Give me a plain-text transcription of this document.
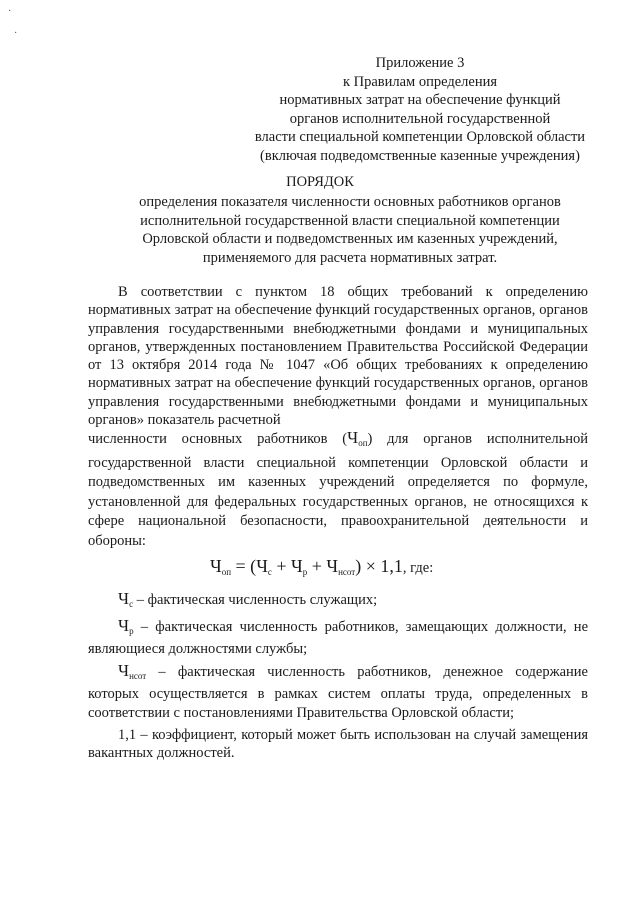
·
·
Приложение 3
к Правилам определения
нормативных затрат на обеспечение функций
органов исполнительной государственной
власти специальной компетенции Орловской области
(включая подведомственные казенные учреждения)
ПОРЯДОК
определения показателя численности основных работников органов
исполнительной государственной власти специальной компетенции
Орловской области и подведомственных им казенных учреждений,
применяемого для расчета нормативных затрат.

В соответствии с пунктом 18 общих требований к определению нормативных затрат на обеспечение функций государственных органов, органов управления государственными внебюджетными фондами и муниципальных органов, утвержденных постановлением Правительства Российской Федерации от 13 октября 2014 года № 1047 «Об общих требованиях к определению нормативных затрат на обеспечение функций государственных органов, органов управления государственными внебюджетными фондами и муниципальных органов» показатель расчетной

численности основных работников $(Ч_{оп})$ для органов исполнительной государственной власти специальной компетенции Орловской области и подведомственных им казенных учреждений определяется по формуле, установленной для федеральных государственных органов, не относящихся к сфере национальной безопасности, правоохранительной деятельности и обороны:

$Ч_{оп} = (Ч_с + Ч_р + Ч_{нсот}) \times 1,1$, где:

$Ч_с$ – фактическая численность служащих;

$Ч_р$ – фактическая численность работников, замещающих должности, не являющиеся должностями службы;

$Ч_{нсот}$ – фактическая численность работников, денежное содержание которых осуществляется в рамках систем оплаты труда, определенных в соответствии с постановлениями Правительства Орловской области;

1,1 – коэффициент, который может быть использован на случай замещения вакантных должностей.
